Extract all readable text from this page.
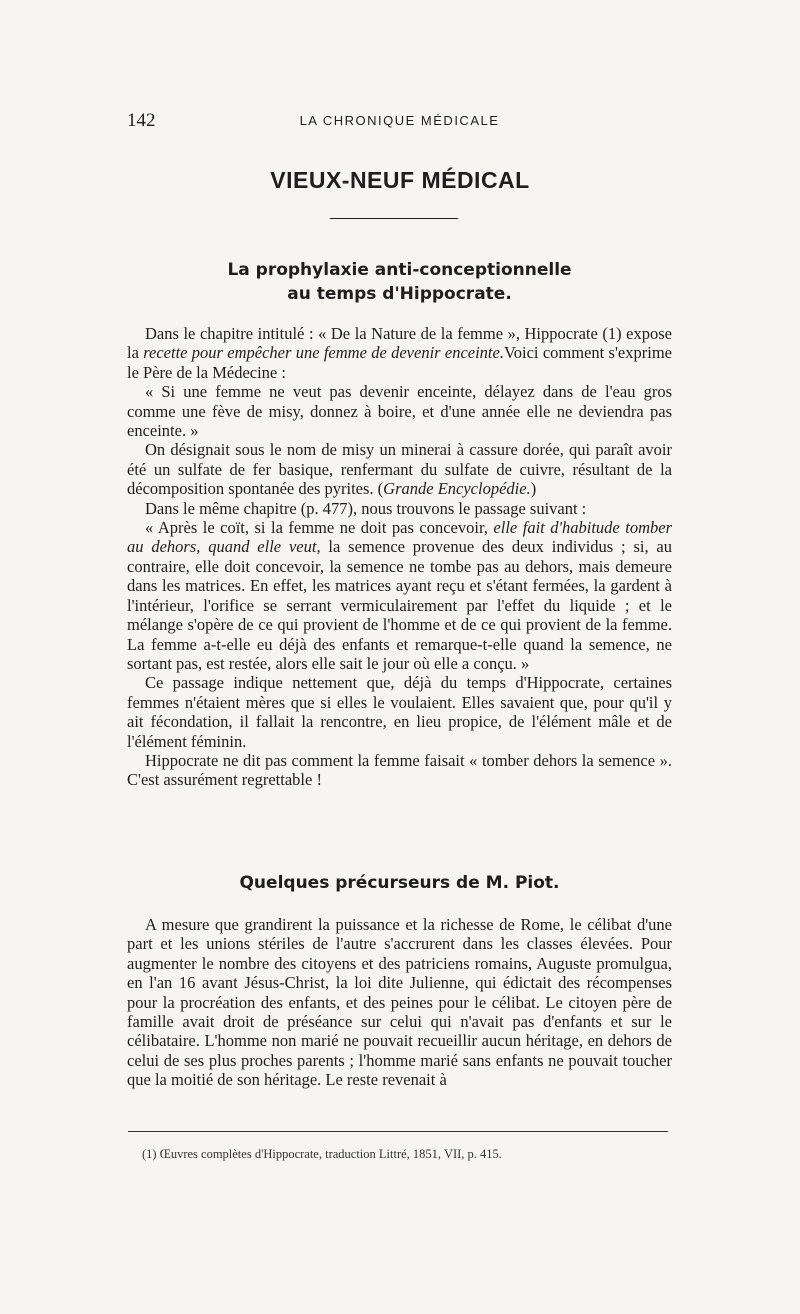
142	LA CHRONIQUE MÉDICALE
VIEUX-NEUF MÉDICAL
La prophylaxie anti-conceptionnelle
au temps d'Hippocrate.

Dans le chapitre intitulé : « De la Nature de la femme », Hippocrate (1) expose la recette pour empêcher une femme de devenir enceinte.Voici comment s'exprime le Père de la Médecine :

« Si une femme ne veut pas devenir enceinte, délayez dans de l'eau gros comme une fève de misy, donnez à boire, et d'une année elle ne deviendra pas enceinte. »

On désignait sous le nom de misy un minerai à cassure dorée, qui paraît avoir été un sulfate de fer basique, renfermant du sulfate de cuivre, résultant de la décomposition spontanée des pyrites. (Grande Encyclopédie.)

Dans le même chapitre (p. 477), nous trouvons le passage suivant :

« Après le coït, si la femme ne doit pas concevoir, elle fait d'habitude tomber au dehors, quand elle veut, la semence provenue des deux individus ; si, au contraire, elle doit concevoir, la semence ne tombe pas au dehors, mais demeure dans les matrices. En effet, les matrices ayant reçu et s'étant fermées, la gardent à l'intérieur, l'orifice se serrant vermiculairement par l'effet du liquide ; et le mélange s'opère de ce qui provient de l'homme et de ce qui provient de la femme. La femme a-t-elle eu déjà des enfants et remarque-t-elle quand la semence, ne sortant pas, est restée, alors elle sait le jour où elle a conçu. »

Ce passage indique nettement que, déjà du temps d'Hippocrate, certaines femmes n'étaient mères que si elles le voulaient. Elles savaient que, pour qu'il y ait fécondation, il fallait la rencontre, en lieu propice, de l'élément mâle et de l'élément féminin.

Hippocrate ne dit pas comment la femme faisait « tomber dehors la semence ». C'est assurément regrettable !

Quelques précurseurs de M. Piot.

A mesure que grandirent la puissance et la richesse de Rome, le célibat d'une part et les unions stériles de l'autre s'accrurent dans les classes élevées. Pour augmenter le nombre des citoyens et des patriciens romains, Auguste promulgua, en l'an 16 avant Jésus-Christ, la loi dite Julienne, qui édictait des récompenses pour la procréation des enfants, et des peines pour le célibat. Le citoyen père de famille avait droit de préséance sur celui qui n'avait pas d'enfants et sur le célibataire. L'homme non marié ne pouvait recueillir aucun héritage, en dehors de celui de ses plus proches parents ; l'homme marié sans enfants ne pouvait toucher que la moitié de son héritage. Le reste revenait à

(1) Œuvres complètes d'Hippocrate, traduction Littré, 1851, VII, p. 415.
